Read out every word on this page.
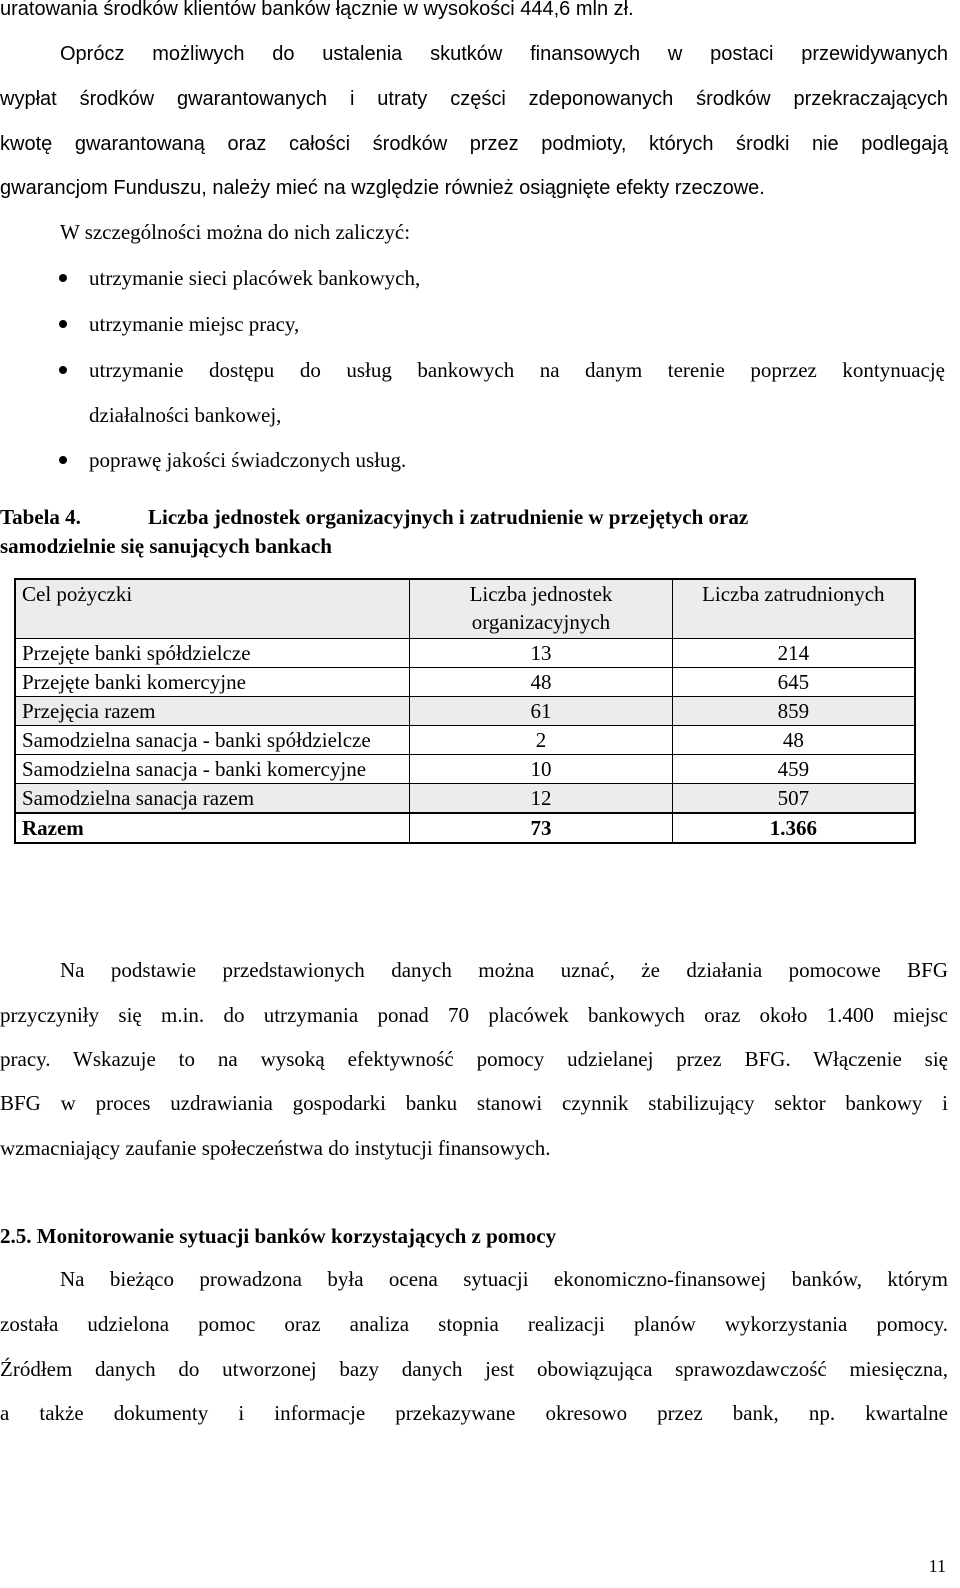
uratowania środków klientów banków łącznie w wysokości 444,6 mln zł.
Oprócz możliwych do ustalenia skutków finansowych w postaci przewidywanych
wypłat środków gwarantowanych i utraty części zdeponowanych środków przekraczających
kwotę gwarantowaną oraz całości środków przez podmioty, których środki nie podlegają
gwarancjom Funduszu, należy mieć na względzie również osiągnięte efekty rzeczowe.
W szczególności można do nich zaliczyć:
utrzymanie sieci placówek bankowych,
utrzymanie miejsc pracy,
utrzymanie dostępu do usług bankowych na danym terenie poprzez kontynuację
działalności bankowej,
poprawę jakości świadczonych usług.
Tabela 4.	Liczba jednostek organizacyjnych i zatrudnienie w przejętych oraz
samodzielnie się sanujących bankach
Cel pożyczki	Liczba jednostek organizacyjnych	Liczba zatrudnionych
Przejęte banki spółdzielcze	13	214
Przejęte banki komercyjne	48	645
Przejęcia razem	61	859
Samodzielna sanacja - banki spółdzielcze	2	48
Samodzielna sanacja - banki komercyjne	10	459
Samodzielna sanacja razem	12	507
Razem	73	1.366
Na podstawie przedstawionych danych można uznać, że działania pomocowe BFG
przyczyniły się m.in. do utrzymania ponad 70 placówek bankowych oraz około 1.400 miejsc
pracy. Wskazuje to na wysoką efektywność pomocy udzielanej przez BFG. Włączenie się
BFG w proces uzdrawiania gospodarki banku stanowi czynnik stabilizujący sektor bankowy i
wzmacniający zaufanie społeczeństwa do instytucji finansowych.
2.5. Monitorowanie sytuacji banków korzystających z pomocy
Na bieżąco prowadzona była ocena sytuacji ekonomiczno-finansowej banków, którym
została udzielona pomoc oraz analiza stopnia realizacji planów wykorzystania pomocy.
Źródłem danych do utworzonej bazy danych jest obowiązująca sprawozdawczość miesięczna,
a także dokumenty i informacje przekazywane okresowo przez bank, np. kwartalne
11
